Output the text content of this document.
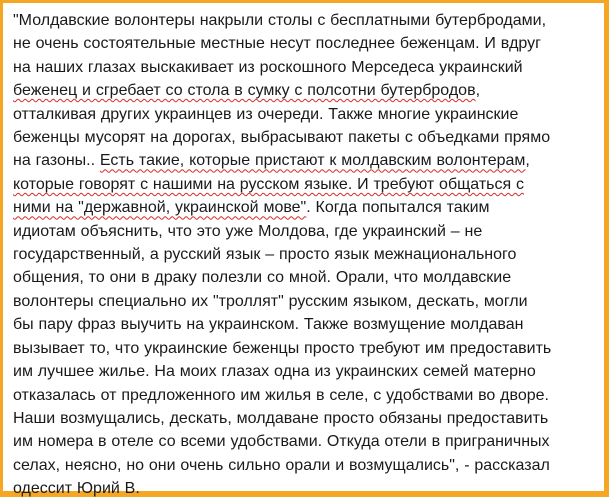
"Молдавские волонтеры накрыли столы с бесплатными бутербродами,
не очень состоятельные местные несут последнее беженцам. И вдруг
на наших глазах выскакивает из роскошного Мерседеса украинский
беженец и сгребает со стола в сумку с полсотни бутербродов,
отталкивая других украинцев из очереди. Также многие украинские
беженцы мусорят на дорогах, выбрасывают пакеты с объедками прямо
на газоны.. Есть такие, которые пристают к молдавским волонтерам,
которые говорят с нашими на русском языке. И требуют общаться с
ними на "державной, украинской мове". Когда попытался таким
идиотам объяснить, что это уже Молдова, где украинский – не
государственный, а русский язык – просто язык межнационального
общения, то они в драку полезли со мной. Орали, что молдавские
волонтеры специально их "троллят" русским языком, дескать, могли
бы пару фраз выучить на украинском. Также возмущение молдаван
вызывает то, что украинские беженцы просто требуют им предоставить
им лучшее жилье. На моих глазах одна из украинских семей матерно
отказалась от предложенного им жилья в селе, с удобствами во дворе.
Наши возмущались, дескать, молдаване просто обязаны предоставить
им номера в отеле со всеми удобствами. Откуда отели в приграничных
селах, неясно, но они очень сильно орали и возмущались", - рассказал
одессит Юрий В.
